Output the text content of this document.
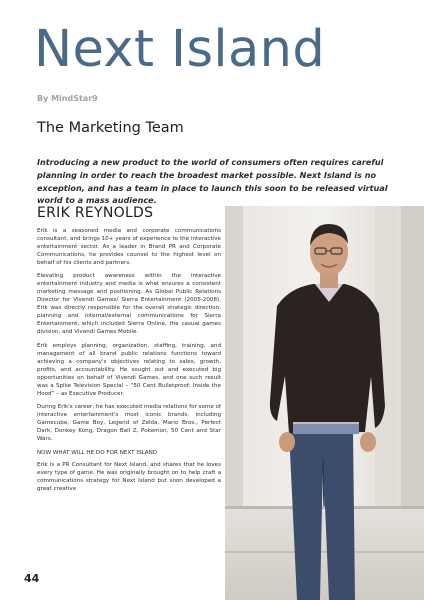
Next Island
By MindStar9
The Marketing Team
Introducing a new product to the world of consumers often requires careful planning in order to reach the broadest market possible. Next Island is no exception, and has a team in place to launch this soon to be released virtual world to a mass audience.
ERIK REYNOLDS

Erik is a seasoned media and corporate communications consultant, and brings 10+ years of experience to the interactive entertainment sector. As a leader in Brand PR and Corporate Communications, he provides counsel to the highest level on behalf of his clients and partners.

Elevating product awareness within the interactive entertainment industry and media is what ensures a consistent marketing message and positioning. As Global Public Relations Director for Vivendi Games/ Sierra Entertainment (2005-2008), Erik was directly responsible for the overall strategic direction, planning and internal/external communications for Sierra Entertainment, which included Sierra Online, the casual games division, and Vivendi Games Mobile.

Erik employs planning, organization, staffing, training, and management of all brand public relations functions toward achieving a company's objectives relating to sales, growth, profits, and accountability. He sought out and executed big opportunities on behalf of Vivendi Games, and one such result was a Spike Television Special – “50 Cent Bulletproof: Inside the Hood” – as Executive Producer.

During Erik's career, he has executed media relations for some of interactive entertainment's most iconic brands, including Gamecube, Game Boy, Legend of Zelda, Mario Bros., Perfect Dark, Donkey Kong, Dragon Ball Z, Pokemon, 50 Cent and Star Wars.

NOW WHAT WILL HE DO FOR NEXT ISLAND

Erik is a PR Consultant for Next Island, and shares that he loves every type of game. He was originally brought on to help craft a communications strategy for Next Island but soon developed a great creative

44
